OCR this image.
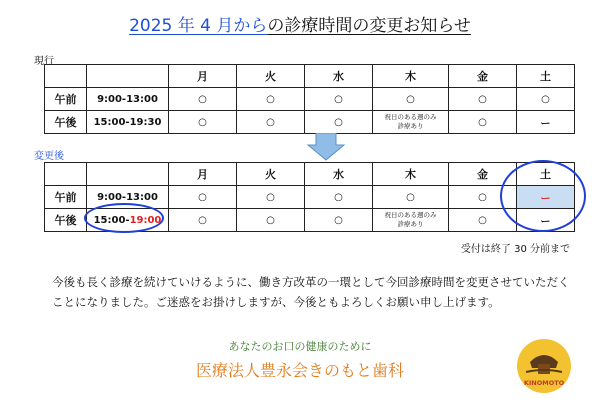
2025 年 4 月からの診療時間の変更お知らせ
現行
		月	火	水	木	金	土
午前	9:00-13:00	○	○	○	○	○	○
午後	15:00-19:30	○	○	○	祝日のある週のみ
診療あり	○	ー
変更後
		月	火	水	木	金	土
午前	9:00-13:00	○	○	○	○	○	ー
午後	15:00-19:00	○	○	○	祝日のある週のみ
診療あり	○	ー
受付は終了 30 分前まで
今後も長く診療を続けていけるように、働き方改革の一環として今回診療時間を変更させていただくことになりました。ご迷惑をお掛けしますが、今後ともよろしくお願い申し上げます。
あなたのお口の健康のために
医療法人豊永会きのもと歯科
KINOMOTO
